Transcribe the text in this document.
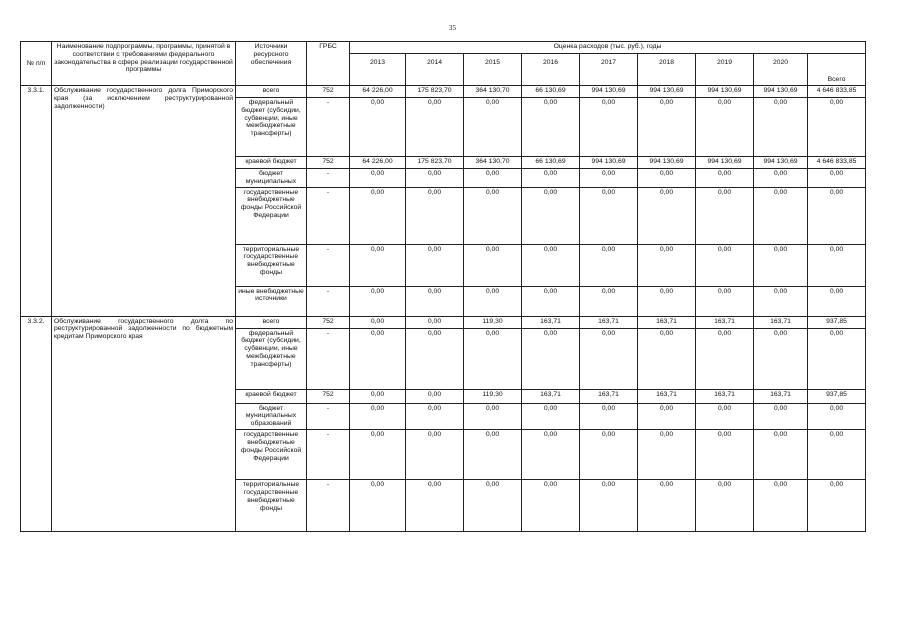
35
№ п/п	Наименование подпрограммы, программы, принятой в соответствии с требованиями федерального законодательства в сфере реализации государственной программы	Источники ресурсного обеспечения	ГРБС	Оценка расходов (тыс. руб.), годы								
				2013	2014	2015	2016	2017	2018	2019	2020	Всего
3.3.1.	Обслуживание государственного долга Приморского края (за исключением реструктурированной задолженности)	всего	752	64 226,00	175 823,70	364 130,70	66 130,69	994 130,69	994 130,69	994 130,69	994 130,69	4 646 833,85
		федеральный бюджет (субсидии, субвенции, иные межбюджетные трансферты)	-	0,00	0,00	0,00	0,00	0,00	0,00	0,00	0,00	0,00
		краевой бюджет	752	64 226,00	175 823,70	364 130,70	66 130,69	994 130,69	994 130,69	994 130,69	994 130,69	4 646 833,85
		бюджет муниципальных	-	0,00	0,00	0,00	0,00	0,00	0,00	0,00	0,00	0,00
		государственные внебюджетные фонды Российской Федерации	-	0,00	0,00	0,00	0,00	0,00	0,00	0,00	0,00	0,00
		территориальные государственные внебюджетные фонды	-	0,00	0,00	0,00	0,00	0,00	0,00	0,00	0,00	0,00
		иные внебюджетные источники	-	0,00	0,00	0,00	0,00	0,00	0,00	0,00	0,00	0,00
3.3.2.	Обслуживание государственного долга по реструктурированной задолженности по бюджетным кредитам Приморского края	всего	752	0,00	0,00	119,30	163,71	163,71	163,71	163,71	163,71	937,85
		федеральный бюджет (субсидии, субвенции, иные межбюджетные трансферты)	-	0,00	0,00	0,00	0,00	0,00	0,00	0,00	0,00	0,00
		краевой бюджет	752	0,00	0,00	119,30	163,71	163,71	163,71	163,71	163,71	937,85
		бюджет муниципальных образований	-	0,00	0,00	0,00	0,00	0,00	0,00	0,00	0,00	0,00
		государственные внебюджетные фонды Российской Федерации	-	0,00	0,00	0,00	0,00	0,00	0,00	0,00	0,00	0,00
		территориальные государственные внебюджетные фонды	-	0,00	0,00	0,00	0,00	0,00	0,00	0,00	0,00	0,00
